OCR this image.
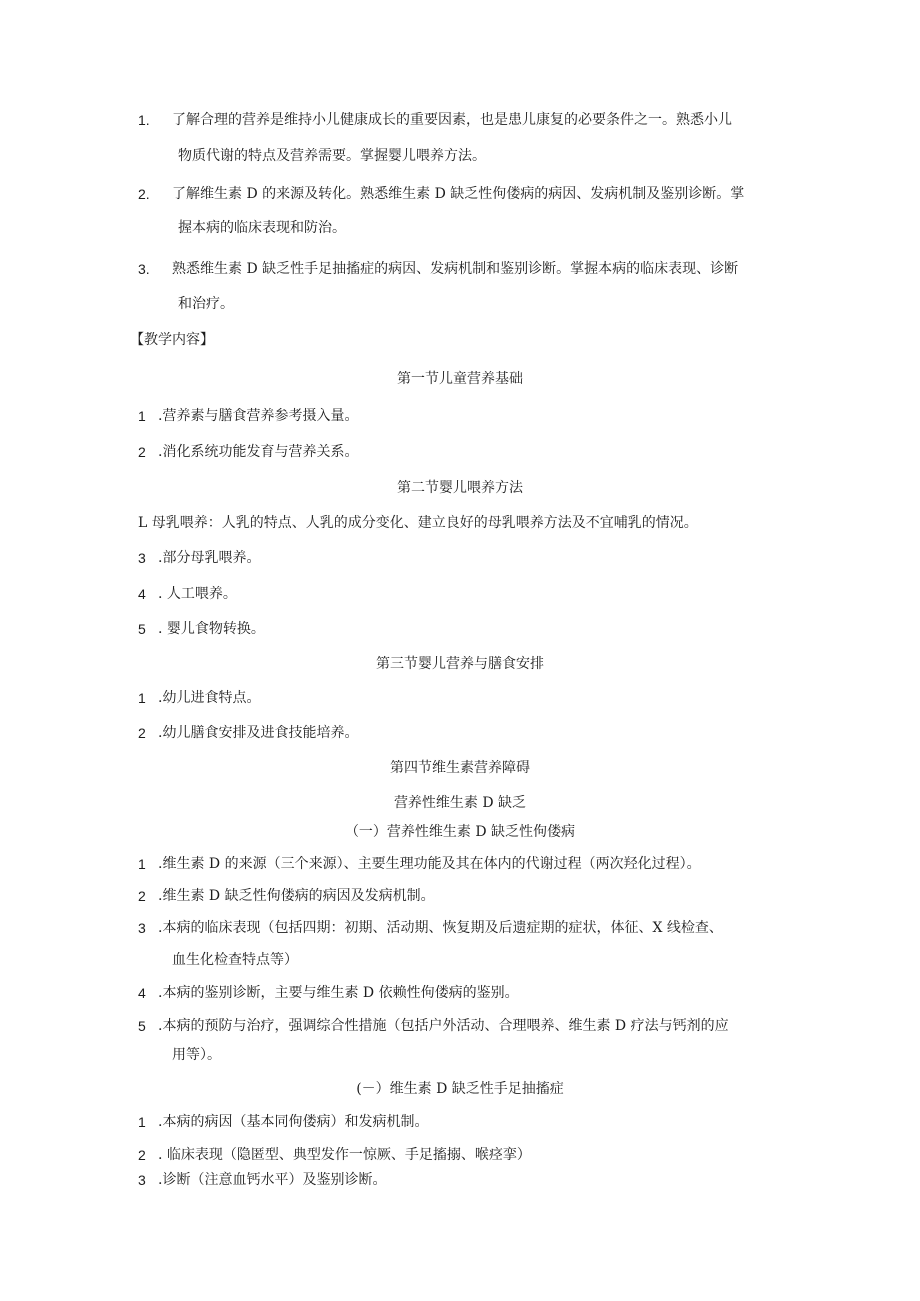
1. 了解合理的营养是维持小儿健康成长的重要因素，也是患儿康复的必要条件之一。熟悉小儿
物质代谢的特点及营养需要。掌握婴儿喂养方法。
2. 了解维生素 D 的来源及转化。熟悉维生素 D 缺乏性佝偻病的病因、发病机制及鉴别诊断。掌
握本病的临床表现和防治。
3. 熟悉维生素 D 缺乏性手足抽搐症的病因、发病机制和鉴别诊断。掌握本病的临床表现、诊断
和治疗。
【教学内容】
第一节儿童营养基础
1 .营养素与膳食营养参考摄入量。
2 .消化系统功能发育与营养关系。
第二节婴儿喂养方法
L 母乳喂养：人乳的特点、人乳的成分变化、建立良好的母乳喂养方法及不宜哺乳的情况。
3 .部分母乳喂养。
4 . 人工喂养。
5 . 婴儿食物转换。
第三节婴儿营养与膳食安排
1 .幼儿进食特点。
2 .幼儿膳食安排及进食技能培养。
第四节维生素营养障碍
营养性维生素 D 缺乏
（一）营养性维生素 D 缺乏性佝偻病
1 .维生素 D 的来源（三个来源）、主要生理功能及其在体内的代谢过程（两次羟化过程）。
2 .维生素 D 缺乏性佝偻病的病因及发病机制。
3 .本病的临床表现（包括四期：初期、活动期、恢复期及后遗症期的症状，体征、X 线检查、
血生化检查特点等）
4 .本病的鉴别诊断，主要与维生素 D 依赖性佝偻病的鉴别。
5 .本病的预防与治疗，强调综合性措施（包括户外活动、合理喂养、维生素 D 疗法与钙剂的应
用等）。
(－）维生素 D 缺乏性手足抽搐症
1 .本病的病因（基本同佝偻病）和发病机制。
2 . 临床表现（隐匿型、典型发作一惊厥、手足搐搦、喉痉挛）
3 .诊断（注意血钙水平）及鉴别诊断。
